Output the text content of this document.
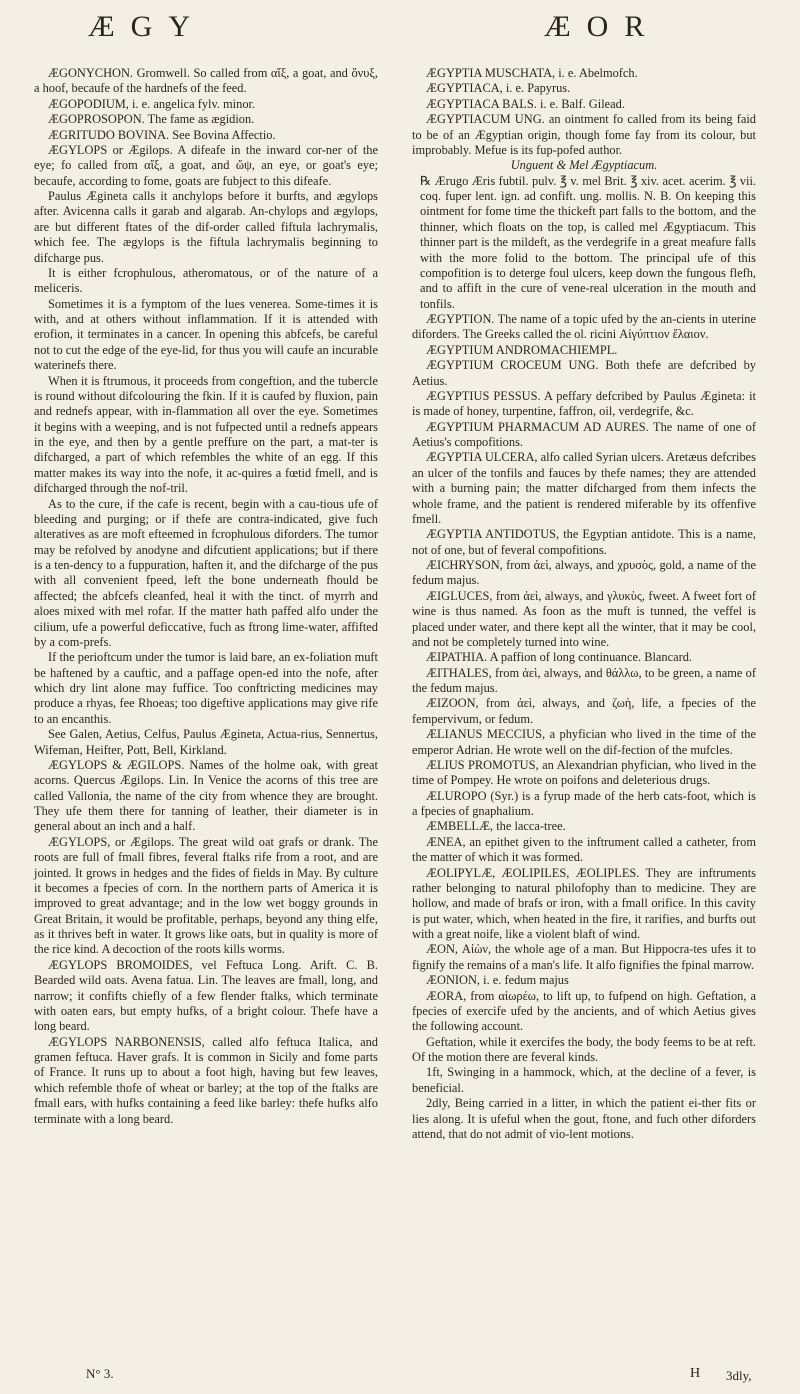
ÆGY	ÆOR

ÆGONYCHON. Gromwell. So called from αἴξ, a goat, and ὄνυξ, a hoof, becaufe of the hardnefs of the feed.

ÆGOPODIUM, i. e. angelica fylv. minor.

ÆGOPROSOPON. The fame as ægidion.

ÆGRITUDO BOVINA. See Bovina Affectio.

ÆGYLOPS or Ægilops. A difeafe in the inward cor-ner of the eye; fo called from αἴξ, a goat, and ὤψ, an eye, or goat's eye; becaufe, according to fome, goats are fubject to this difeafe.

Paulus Ægineta calls it anchylops before it burfts, and ægylops after. Avicenna calls it garab and algarab. An-chylops and ægylops, are but different ftates of the dif-order called fiftula lachrymalis, which fee. The ægylops is the fiftula lachrymalis beginning to difcharge pus.

It is either fcrophulous, atheromatous, or of the nature of a meliceris.

Sometimes it is a fymptom of the lues venerea. Some-times it is with, and at others without inflammation. If it is attended with erofion, it terminates in a cancer. In opening this abfcefs, be careful not to cut the edge of the eye-lid, for thus you will caufe an incurable waterinefs there.

When it is ftrumous, it proceeds from congeftion, and the tubercle is round without difcolouring the fkin. If it is caufed by fluxion, pain and rednefs appear, with in-flammation all over the eye. Sometimes it begins with a weeping, and is not fufpected until a rednefs appears in the eye, and then by a gentle preffure on the part, a mat-ter is difcharged, a part of which refembles the white of an egg. If this matter makes its way into the nofe, it ac-quires a fœtid fmell, and is difcharged through the nof-tril.

As to the cure, if the cafe is recent, begin with a cau-tious ufe of bleeding and purging; or if thefe are contra-indicated, give fuch alteratives as are moft efteemed in fcrophulous diforders. The tumor may be refolved by anodyne and difcutient applications; but if there is a ten-dency to a fuppuration, haften it, and the difcharge of the pus with all convenient fpeed, left the bone underneath fhould be affected; the abfcefs cleanfed, heal it with the tinct. of myrrh and aloes mixed with mel rofar. If the matter hath paffed alfo under the cilium, ufe a powerful deficcative, fuch as ftrong lime-water, affifted by a com-prefs.

If the perioftcum under the tumor is laid bare, an ex-foliation muft be haftened by a cauftic, and a paffage open-ed into the nofe, after which dry lint alone may fuffice. Too conftricting medicines may produce a rhyas, fee Rhoeas; too digeftive applications may give rife to an encanthis.

See Galen, Aetius, Celfus, Paulus Ægineta, Actua-rius, Sennertus, Wifeman, Heifter, Pott, Bell, Kirkland.

ÆGYLOPS & ÆGILOPS. Names of the holme oak, with great acorns. Quercus Ægilops. Lin. In Venice the acorns of this tree are called Vallonia, the name of the city from whence they are brought. They ufe them there for tanning of leather, their diameter is in general about an inch and a half.

ÆGYLOPS, or Ægilops. The great wild oat grafs or drank. The roots are full of fmall fibres, feveral ftalks rife from a root, and are jointed. It grows in hedges and the fides of fields in May. By culture it becomes a fpecies of corn. In the northern parts of America it is improved to great advantage; and in the low wet boggy grounds in Great Britain, it would be profitable, perhaps, beyond any thing elfe, as it thrives beft in water. It grows like oats, but in quality is more of the rice kind. A decoction of the roots kills worms.

ÆGYLOPS BROMOIDES, vel Feftuca Long. Arift. C. B. Bearded wild oats. Avena fatua. Lin. The leaves are fmall, long, and narrow; it confifts chiefly of a few flender ftalks, which terminate with oaten ears, but empty hufks, of a bright colour. Thefe have a long beard.

ÆGYLOPS NARBONENSIS, called alfo feftuca Italica, and gramen feftuca. Haver grafs. It is common in Sicily and fome parts of France. It runs up to about a foot high, having but few leaves, which refemble thofe of wheat or barley; at the top of the ftalks are fmall ears, with hufks containing a feed like barley: thefe hufks alfo terminate with a long beard.

ÆGYPTIA MUSCHATA, i. e. Abelmofch.

ÆGYPTIACA, i. e. Papyrus.

ÆGYPTIACA BALS. i. e. Balf. Gilead.

ÆGYPTIACUM UNG. an ointment fo called from its being faid to be of an Ægyptian origin, though fome fay from its colour, but improbably. Mefue is its fup-pofed author.

Unguent & Mel Ægyptiacum.

℞ Ærugo Æris fubtil. pulv. ℥ v. mel Brit. ℥ xiv. acet. acerim. ℥ vii. coq. fuper lent. ign. ad confift. ung. mollis. N. B. On keeping this ointment for fome time the thickeft part falls to the bottom, and the thinner, which floats on the top, is called mel Ægyptiacum. This thinner part is the mildeft, as the verdegrife in a great meafure falls with the more folid to the bottom. The principal ufe of this compofition is to deterge foul ulcers, keep down the fungous flefh, and to affift in the cure of vene-real ulceration in the mouth and tonfils.

ÆGYPTION. The name of a topic ufed by the an-cients in uterine diforders. The Greeks called the ol. ricini Αἰγύπτιον ἔλαιον.

ÆGYPTIUM ANDROMACHIEMPL.

ÆGYPTIUM CROCEUM UNG. Both thefe are defcribed by Aetius.

ÆGYPTIUS PESSUS. A peffary defcribed by Paulus Ægineta: it is made of honey, turpentine, faffron, oil, verdegrife, &c.

ÆGYPTIUM PHARMACUM AD AURES. The name of one of Aetius's compofitions.

ÆGYPTIA ULCERA, alfo called Syrian ulcers. Aretæus defcribes an ulcer of the tonfils and fauces by thefe names; they are attended with a burning pain; the matter difcharged from them infects the whole frame, and the patient is rendered miferable by its offenfive fmell.

ÆGYPTIA ANTIDOTUS, the Egyptian antidote. This is a name, not of one, but of feveral compofitions.

ÆICHRYSON, from ἀεὶ, always, and χρυσὸς, gold, a name of the fedum majus.

ÆIGLUCES, from ἀεὶ, always, and γλυκὺς, fweet. A fweet fort of wine is thus named. As foon as the muft is tunned, the veffel is placed under water, and there kept all the winter, that it may be cool, and not be completely turned into wine.

ÆIPATHIA. A paffion of long continuance. Blancard.

ÆITHALES, from ἀεὶ, always, and θάλλω, to be green, a name of the fedum majus.

ÆIZOON, from ἀεὶ, always, and ζωὴ, life, a fpecies of the fempervivum, or fedum.

ÆLIANUS MECCIUS, a phyfician who lived in the time of the emperor Adrian. He wrote well on the dif-fection of the mufcles.

ÆLIUS PROMOTUS, an Alexandrian phyfician, who lived in the time of Pompey. He wrote on poifons and deleterious drugs.

ÆLUROPO (Syr.) is a fyrup made of the herb cats-foot, which is a fpecies of gnaphalium.

ÆMBELLÆ, the lacca-tree.

ÆNEA, an epithet given to the inftrument called a catheter, from the matter of which it was formed.

ÆOLIPYLÆ, ÆOLIPILES, ÆOLIPLES. They are inftruments rather belonging to natural philofophy than to medicine. They are hollow, and made of brafs or iron, with a fmall orifice. In this cavity is put water, which, when heated in the fire, it rarifies, and burfts out with a great noife, like a violent blaft of wind.

ÆON, Αἰὼν, the whole age of a man. But Hippocra-tes ufes it to fignify the remains of a man's life. It alfo fignifies the fpinal marrow.

ÆONION, i. e. fedum majus

ÆORA, from αἰωρέω, to lift up, to fufpend on high. Geftation, a fpecies of exercife ufed by the ancients, and of which Aetius gives the following account.

Geftation, while it exercifes the body, the body feems to be at reft. Of the motion there are feveral kinds.

1ft, Swinging in a hammock, which, at the decline of a fever, is beneficial.

2dly, Being carried in a litter, in which the patient ei-ther fits or lies along. It is ufeful when the gout, ftone, and fuch other diforders attend, that do not admit of vio-lent motions.

N° 3.	H 3dly,
